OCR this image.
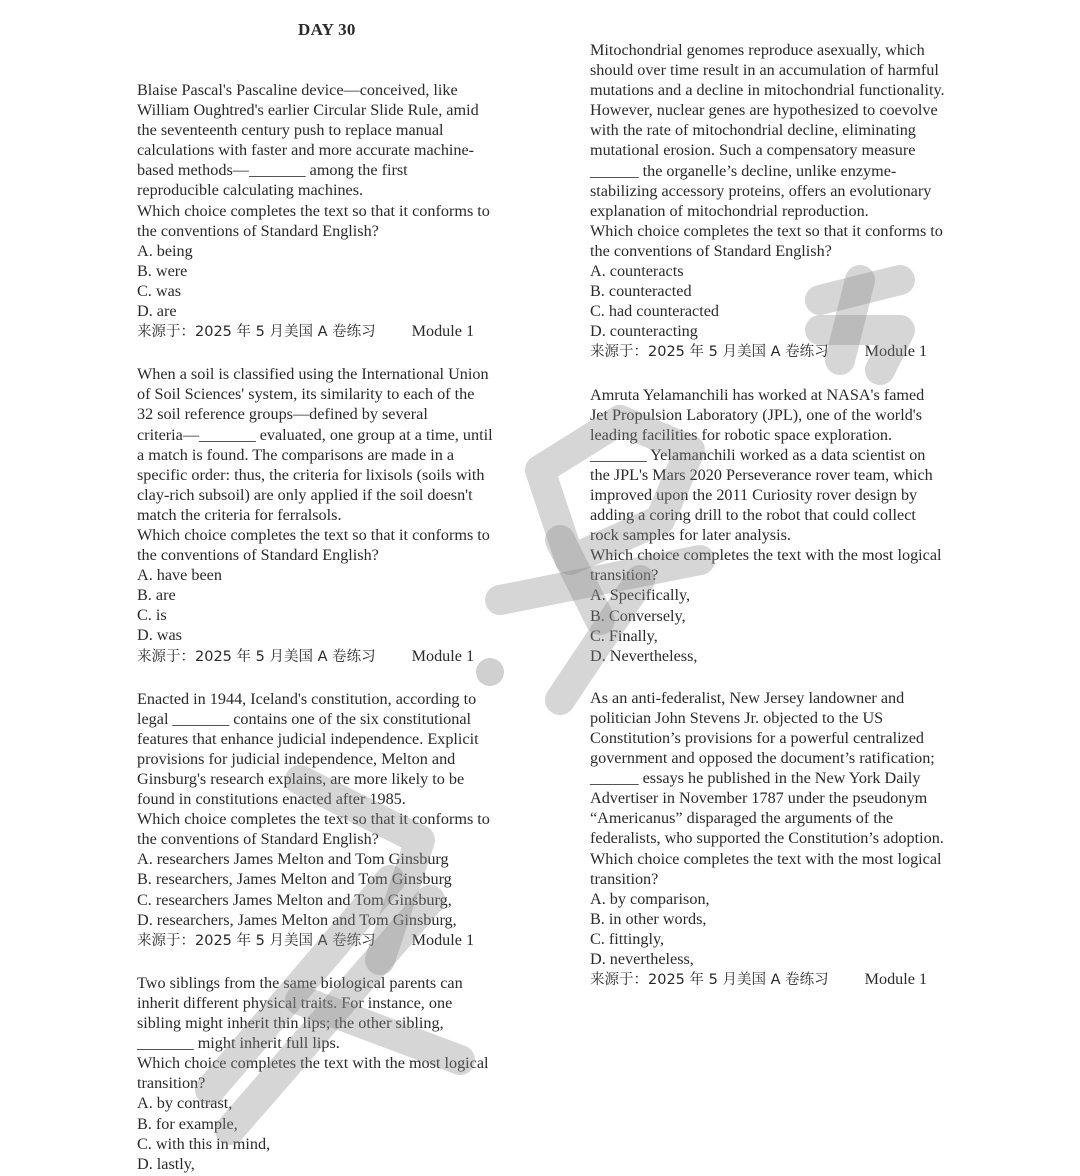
DAY 30
Blaise Pascal's Pascaline device—conceived, like
William Oughtred's earlier Circular Slide Rule, amid
the seventeenth century push to replace manual
calculations with faster and more accurate machine-
based methods—_______ among the first
reproducible calculating machines.
Which choice completes the text so that it conforms to
the conventions of Standard English?
A. being
B. were
C. was
D. are
来源于：2025 年 5 月美国 A 卷练习 Module 1
When a soil is classified using the International Union
of Soil Sciences' system, its similarity to each of the
32 soil reference groups—defined by several
criteria—_______ evaluated, one group at a time, until
a match is found. The comparisons are made in a
specific order: thus, the criteria for lixisols (soils with
clay-rich subsoil) are only applied if the soil doesn't
match the criteria for ferralsols.
Which choice completes the text so that it conforms to
the conventions of Standard English?
A. have been
B. are
C. is
D. was
来源于：2025 年 5 月美国 A 卷练习 Module 1
Enacted in 1944, Iceland's constitution, according to
legal _______ contains one of the six constitutional
features that enhance judicial independence. Explicit
provisions for judicial independence, Melton and
Ginsburg's research explains, are more likely to be
found in constitutions enacted after 1985.
Which choice completes the text so that it conforms to
the conventions of Standard English?
A. researchers James Melton and Tom Ginsburg
B. researchers, James Melton and Tom Ginsburg
C. researchers James Melton and Tom Ginsburg,
D. researchers, James Melton and Tom Ginsburg,
来源于：2025 年 5 月美国 A 卷练习 Module 1
Two siblings from the same biological parents can
inherit different physical traits. For instance, one
sibling might inherit thin lips; the other sibling,
_______ might inherit full lips.
Which choice completes the text with the most logical
transition?
A. by contrast,
B. for example,
C. with this in mind,
D. lastly,
Mitochondrial genomes reproduce asexually, which
should over time result in an accumulation of harmful
mutations and a decline in mitochondrial functionality.
However, nuclear genes are hypothesized to coevolve
with the rate of mitochondrial decline, eliminating
mutational erosion. Such a compensatory measure
______ the organelle’s decline, unlike enzyme-
stabilizing accessory proteins, offers an evolutionary
explanation of mitochondrial reproduction.
Which choice completes the text so that it conforms to
the conventions of Standard English?
A. counteracts
B. counteracted
C. had counteracted
D. counteracting
来源于：2025 年 5 月美国 A 卷练习 Module 1
Amruta Yelamanchili has worked at NASA's famed
Jet Propulsion Laboratory (JPL), one of the world's
leading facilities for robotic space exploration.
_______ Yelamanchili worked as a data scientist on
the JPL's Mars 2020 Perseverance rover team, which
improved upon the 2011 Curiosity rover design by
adding a coring drill to the robot that could collect
rock samples for later analysis.
Which choice completes the text with the most logical
transition?
A. Specifically,
B. Conversely,
C. Finally,
D. Nevertheless,
As an anti-federalist, New Jersey landowner and
politician John Stevens Jr. objected to the US
Constitution’s provisions for a powerful centralized
government and opposed the document’s ratification;
______ essays he published in the New York Daily
Advertiser in November 1787 under the pseudonym
“Americanus” disparaged the arguments of the
federalists, who supported the Constitution’s adoption.
Which choice completes the text with the most logical
transition?
A. by comparison,
B. in other words,
C. fittingly,
D. nevertheless,
来源于：2025 年 5 月美国 A 卷练习 Module 1
